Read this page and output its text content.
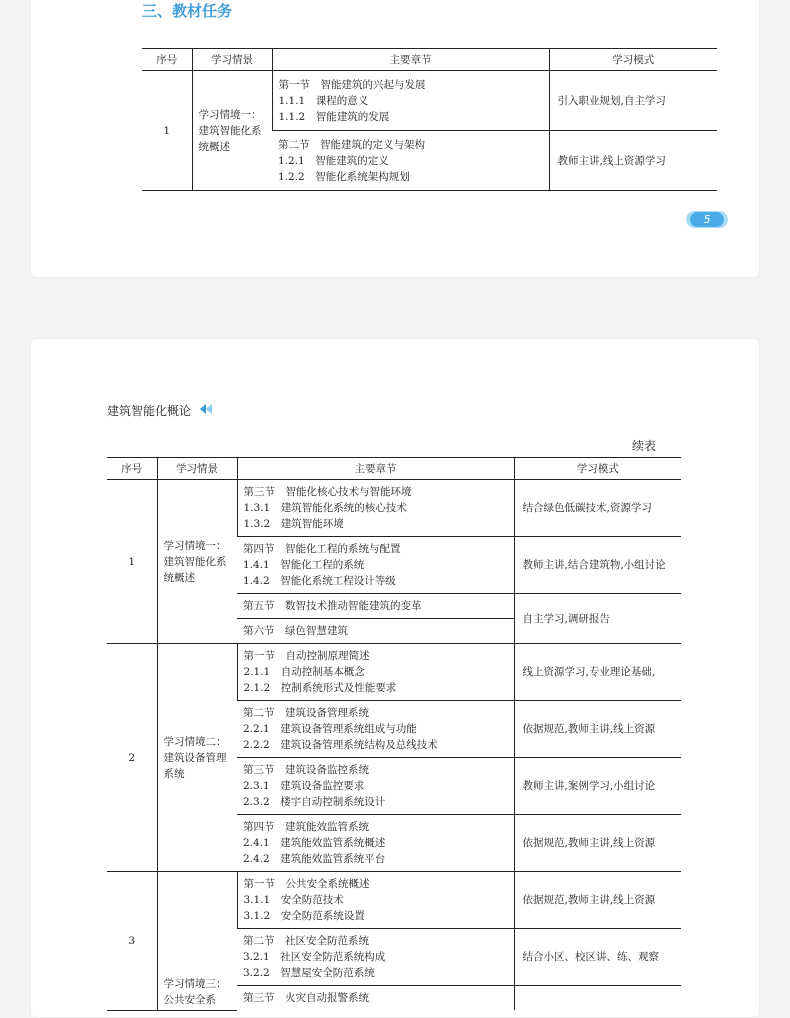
三、教材任务
序号	学习情景	主要章节	学习模式
1	学习情境一：建筑智能化系统概述	第一节　智能建筑的兴起与发展
1.1.1　课程的意义
1.1.2　智能建筑的发展	引入职业规划,自主学习

		第二节　智能建筑的定义与架构
1.2.1　智能建筑的定义
1.2.2　智能化系统架构规划	教师主讲,线上资源学习
5
建筑智能化概论
续表
序号	学习情景	主要章节	学习模式
1	学习情境一：建筑智能化系统概述	第三节　智能化核心技术与智能环境
1.3.1　建筑智能化系统的核心技术
1.3.2　建筑智能环境	结合绿色低碳技术,资源学习

		第四节　智能化工程的系统与配置
1.4.1　智能化工程的系统
1.4.2　智能化系统工程设计等级	教师主讲,结合建筑物,小组讨论

		第五节　数智技术推动智能建筑的变革	自主学习,调研报告

		第六节　绿色智慧建筑	

2	学习情境二：建筑设备管理系统	第一节　自动控制原理简述
2.1.1　自动控制基本概念
2.1.2　控制系统形式及性能要求	线上资源学习,专业理论基础,

		第二节　建筑设备管理系统
2.2.1　建筑设备管理系统组成与功能
2.2.2　建筑设备管理系统结构及总线技术	依据规范,教师主讲,线上资源

		第三节　建筑设备监控系统
2.3.1　建筑设备监控要求
2.3.2　楼宇自动控制系统设计	教师主讲,案例学习,小组讨论

		第四节　建筑能效监管系统
2.4.1　建筑能效监管系统概述
2.4.2　建筑能效监管系统平台	依据规范,教师主讲,线上资源
3	学习情境三：公共安全系	第一节　公共安全系统概述
3.1.1　安全防范技术
3.1.2　安全防范系统设置	依据规范,教师主讲,线上资源

		第二节　社区安全防范系统
3.2.1　社区安全防范系统构成
3.2.2　智慧屋安全防范系统	结合小区、校区讲、练、观察

		第三节　火灾自动报警系统	
